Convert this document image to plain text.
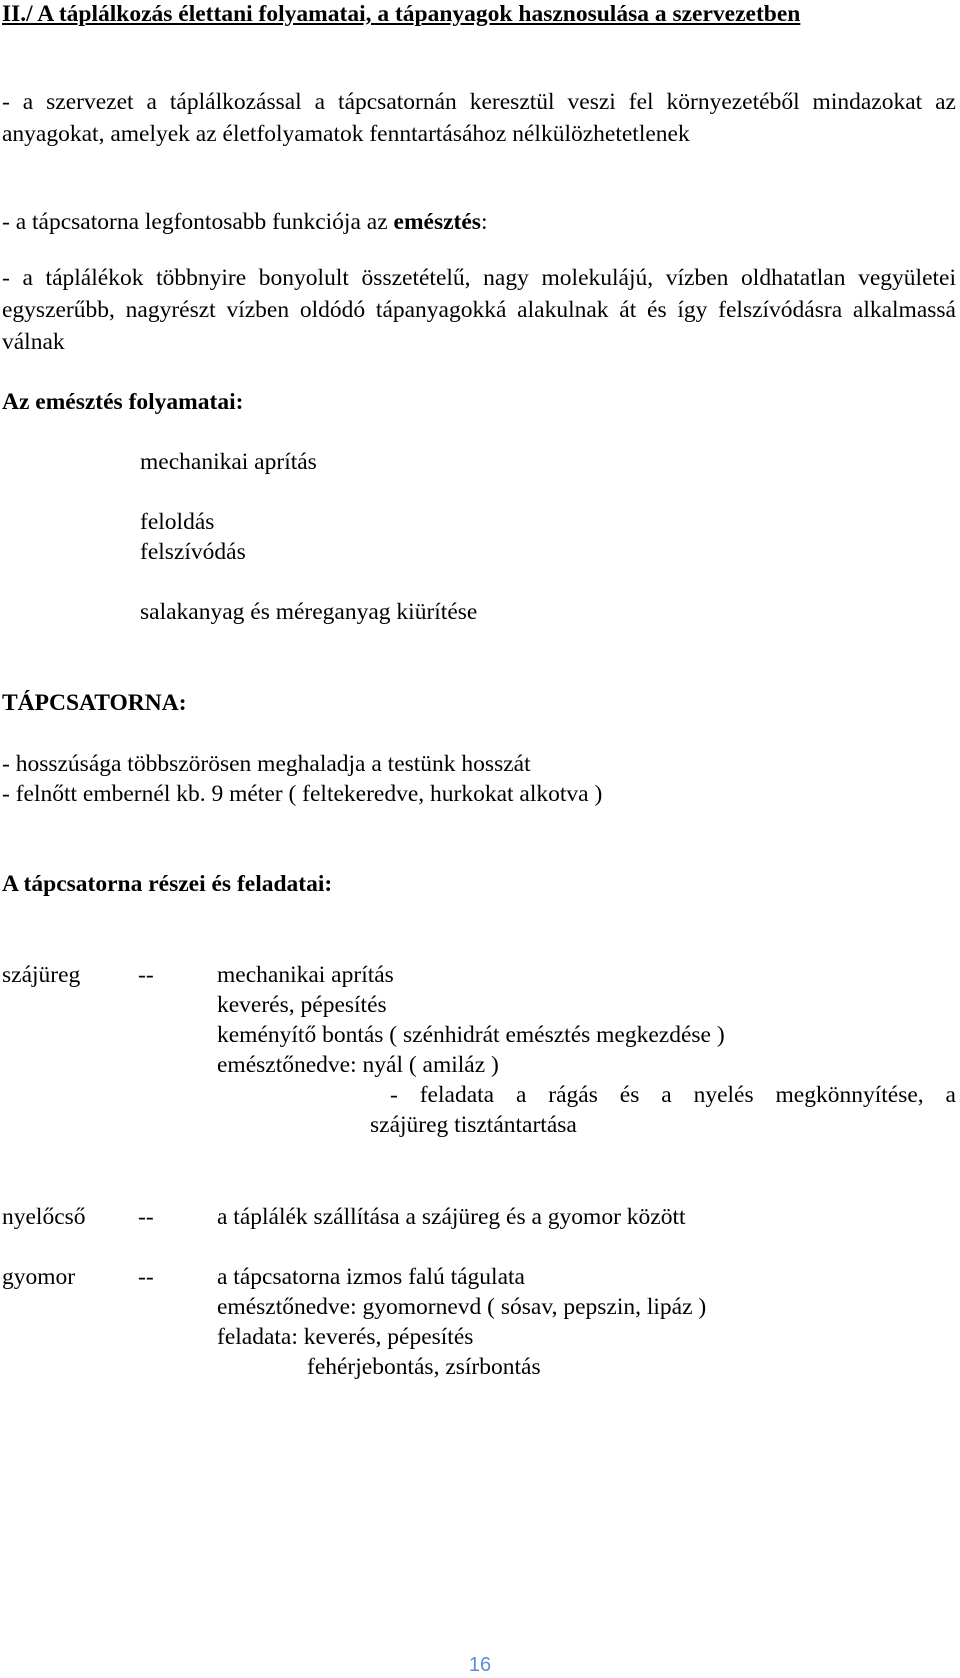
II./ A táplálkozás élettani folyamatai, a tápanyagok hasznosulása a szervezetben
- a szervezet a táplálkozással a tápcsatornán keresztül veszi fel környezetéből mindazokat az anyagokat, amelyek az életfolyamatok fenntartásához nélkülözhetetlenek
- a tápcsatorna legfontosabb funkciója az emésztés:
- a táplálékok többnyire bonyolult összetételű, nagy molekulájú, vízben oldhatatlan vegyületei egyszerűbb, nagyrészt vízben oldódó tápanyagokká alakulnak át és így felszívódásra alkalmassá válnak
Az emésztés folyamatai:
mechanikai aprítás
feloldás
felszívódás
salakanyag és méreganyag kiürítése
TÁPCSATORNA:
- hosszúsága többszörösen meghaladja a testünk hosszát
- felnőtt embernél kb. 9 méter ( feltekeredve, hurkokat alkotva )
A tápcsatorna részei és feladatai:
szájüreg --	mechanikai aprítás
keverés, pépesítés
keményítő bontás ( szénhidrát emésztés megkezdése )
emésztőnedve: nyál ( amiláz )
- feladata a rágás és a nyelés megkönnyítése, a
szájüreg tisztántartása
nyelőcső --	a táplálék szállítása a szájüreg és a gyomor között
gyomor	--	a tápcsatorna izmos falú tágulata
emésztőnedve: gyomornevd ( sósav, pepszin, lipáz )
feladata: keverés, pépesítés
fehérjebontás, zsírbontás
16
